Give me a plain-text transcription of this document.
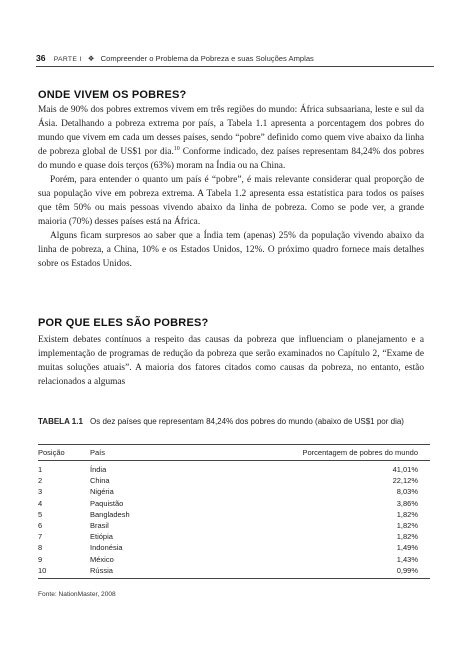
36 PARTE I ❖ Compreender o Problema da Pobreza e suas Soluções Amplas
ONDE VIVEM OS POBRES?

Mais de 90% dos pobres extremos vivem em três regiões do mundo: África subsaariana, leste e sul da Ásia. Detalhando a pobreza extrema por país, a Tabela 1.1 apresenta a porcentagem dos pobres do mundo que vivem em cada um desses países, sendo “pobre” definido como quem vive abaixo da linha de pobreza global de US$1 por dia.$^{10}$ Conforme indicado, dez países representam 84,24% dos pobres do mundo e quase dois terços (63%) moram na Índia ou na China.

Porém, para entender o quanto um país é “pobre”, é mais relevante considerar qual proporção de sua população vive em pobreza extrema. A Tabela 1.2 apresenta essa estatística para todos os países que têm 50% ou mais pessoas vivendo abaixo da linha de pobreza. Como se pode ver, a grande maioria (70%) desses países está na África.

Alguns ficam surpresos ao saber que a Índia tem (apenas) 25% da população vivendo abaixo da linha de pobreza, a China, 10% e os Estados Unidos, 12%. O próximo quadro fornece mais detalhes sobre os Estados Unidos.

POR QUE ELES SÃO POBRES?

Existem debates contínuos a respeito das causas da pobreza que influenciam o planejamento e a implementação de programas de redução da pobreza que serão examinados no Capítulo 2, “Exame de muitas soluções atuais”. A maioria dos fatores citados como causas da pobreza, no entanto, estão relacionados a algumas

TABELA 1.1 Os dez países que representam 84,24% dos pobres do mundo (abaixo de US$1 por dia)
Posição	País	Porcentagem de pobres do mundo
1	Índia	41,01%
2	China	22,12%
3	Nigéria	8,03%
4	Paquistão	3,86%
5	Bangladesh	1,82%
6	Brasil	1,82%
7	Etiópia	1,82%
8	Indonésia	1,49%
9	México	1,43%
10	Rússia	0,99%
Fonte: NationMaster, 2008
